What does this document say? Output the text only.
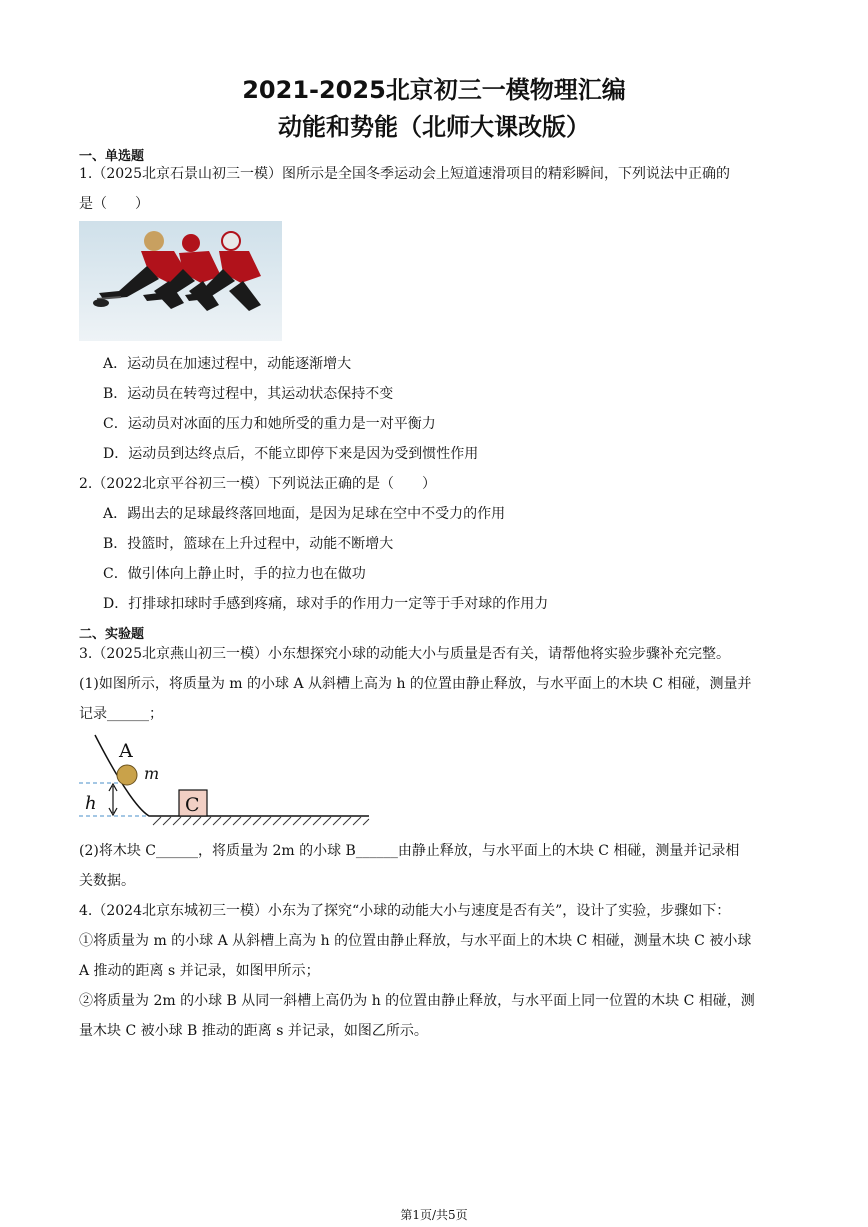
2021-2025北京初三一模物理汇编
动能和势能（北师大课改版）
一、单选题
1.（2025北京石景山初三一模）图所示是全国冬季运动会上短道速滑项目的精彩瞬间，下列说法中正确的
是（　　）
A．运动员在加速过程中，动能逐渐增大
B．运动员在转弯过程中，其运动状态保持不变
C．运动员对冰面的压力和她所受的重力是一对平衡力
D．运动员到达终点后，不能立即停下来是因为受到惯性作用
2.（2022北京平谷初三一模）下列说法正确的是（　　）
A．踢出去的足球最终落回地面，是因为足球在空中不受力的作用
B．投篮时，篮球在上升过程中，动能不断增大
C．做引体向上静止时，手的拉力也在做功
D．打排球扣球时手感到疼痛，球对手的作用力一定等于手对球的作用力
二、实验题
3.（2025北京燕山初三一模）小东想探究小球的动能大小与质量是否有关，请帮他将实验步骤补充完整。
(1)如图所示，将质量为 m 的小球 A 从斜槽上高为 h 的位置由静止释放，与水平面上的木块 C 相碰，测量并
记录______；
A
m
h	C
(2)将木块 C______，将质量为 2m 的小球 B______由静止释放，与水平面上的木块 C 相碰，测量并记录相
关数据。
4.（2024北京东城初三一模）小东为了探究“小球的动能大小与速度是否有关”，设计了实验，步骤如下：
①将质量为 m 的小球 A 从斜槽上高为 h 的位置由静止释放，与水平面上的木块 C 相碰，测量木块 C 被小球
A 推动的距离 s 并记录，如图甲所示；
②将质量为 2m 的小球 B 从同一斜槽上高仍为 h 的位置由静止释放，与水平面上同一位置的木块 C 相碰，测
量木块 C 被小球 B 推动的距离 s 并记录，如图乙所示。
第1页/共5页
